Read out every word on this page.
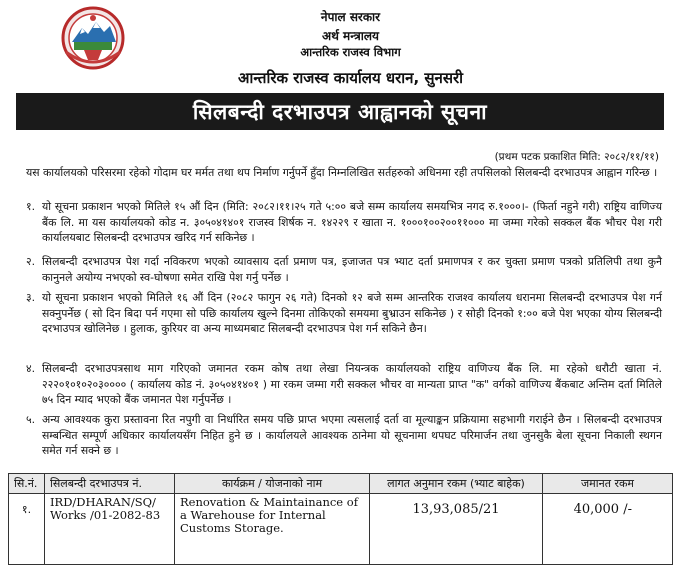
नेपाल सरकार
अर्थ मन्त्रालय
आन्तरिक राजस्व विभाग
आन्तरिक राजस्व कार्यालय धरान, सुनसरी
सिलबन्दी दरभाउपत्र आह्वानको सूचना
(प्रथम पटक प्रकाशित मिति: २०८२/११/११)
यस कार्यालयको परिसरमा रहेको गोदाम घर मर्मत तथा थप निर्माण गर्नुपर्ने हुँदा निम्नलिखित सर्तहरुको अधिनमा रही तपसिलको सिलबन्दी दरभाउपत्र आह्वान गरिन्छ ।
१. यो सूचना प्रकाशन भएको मितिले १५ औं दिन (मिति: २०८२।११।२५ गते ५:०० बजे सम्म कार्यालय समयभित्र नगद रु.१०००।- (फिर्ता नहुने गरी) राष्ट्रिय वाणिज्य बैंक लि. मा यस कार्यालयको कोड न. ३०५०४१४०१ राजस्व शिर्षक न. १४२२९ र खाता न. १०००१००२००११००० मा जम्मा गरेको सक्कल बैंक भौचर पेश गरी कार्यालयबाट सिलबन्दी दरभाउपत्र खरिद गर्न सकिनेछ ।
२. सिलबन्दी दरभाउपत्र पेश गर्दा नविकरण भएको व्यावसाय दर्ता प्रमाण पत्र, इजाजत पत्र भ्याट दर्ता प्रमाणपत्र र कर चुक्ता प्रमाण पत्रको प्रतिलिपी तथा कुनै कानुनले अयोग्य नभएको स्व-घोषणा समेत राखि पेश गर्नु पर्नेछ ।
३. यो सूचना प्रकाशन भएको मितिले १६ औं दिन (२०८२ फागुन २६ गते) दिनको १२ बजे सम्म आन्तरिक राजश्व कार्यालय धरानमा सिलबन्दी दरभाउपत्र पेश गर्न सक्नुपर्नेछ ( सो दिन बिदा पर्न गएमा सो पछि कार्यालय खुल्ने दिनमा तोकिएको समयमा बुभ्राउन सकिनेछ ) र सोही दिनको १:०० बजे पेश भएका योग्य सिलबन्दी दरभाउपत्र खोलिनेछ । हुलाक, कुरियर वा अन्य माध्यमबाट सिलबन्दी दरभाउपत्र पेश गर्न सकिने छैन।
४. सिलबन्दी दरभाउपत्रसाथ माग गरिएको जमानत रकम कोष तथा लेखा नियन्त्रक कार्यालयको राष्ट्रिय वाणिज्य बैंक लि. मा रहेको धरौटी खाता नं. २२२०१०१०२०३०००० ( कार्यालय कोड नं. ३०५०४१४०१ ) मा रकम जम्मा गरी सक्कल भौचर वा मान्यता प्राप्त "क" वर्गको वाणिज्य बैंकबाट अन्तिम दर्ता मितिले ७५ दिन म्याद भएको बैंक जमानत पेश गर्नुपर्नेछ ।
५. अन्य आवश्यक कुरा प्रस्तावना रित नपुगी वा निर्धारित समय पछि प्राप्त भएमा त्यसलाई दर्ता वा मूल्याङ्कन प्रक्रियामा सहभागी गराईने छैन । सिलबन्दी दरभाउपत्र सम्बन्धित सम्पूर्ण अधिकार कार्यालयसँग निहित हुने छ । कार्यालयले आवश्यक ठानेमा यो सूचनामा थपघट परिमार्जन तथा जुनसुकै बेला सूचना निकाली स्थगन समेत गर्न सक्ने छ ।
सि.नं.	सिलबन्दी दरभाउपत्र नं.	कार्यक्रम / योजनाको नाम	लागत अनुमान रकम (भ्याट बाहेक)	जमानत रकम
१.	IRD/DHARAN/SQ/ Works /01-2082-83	Renovation & Maintainance of a Warehouse for Internal Customs Storage.	13,93,085/21	40,000 /-
